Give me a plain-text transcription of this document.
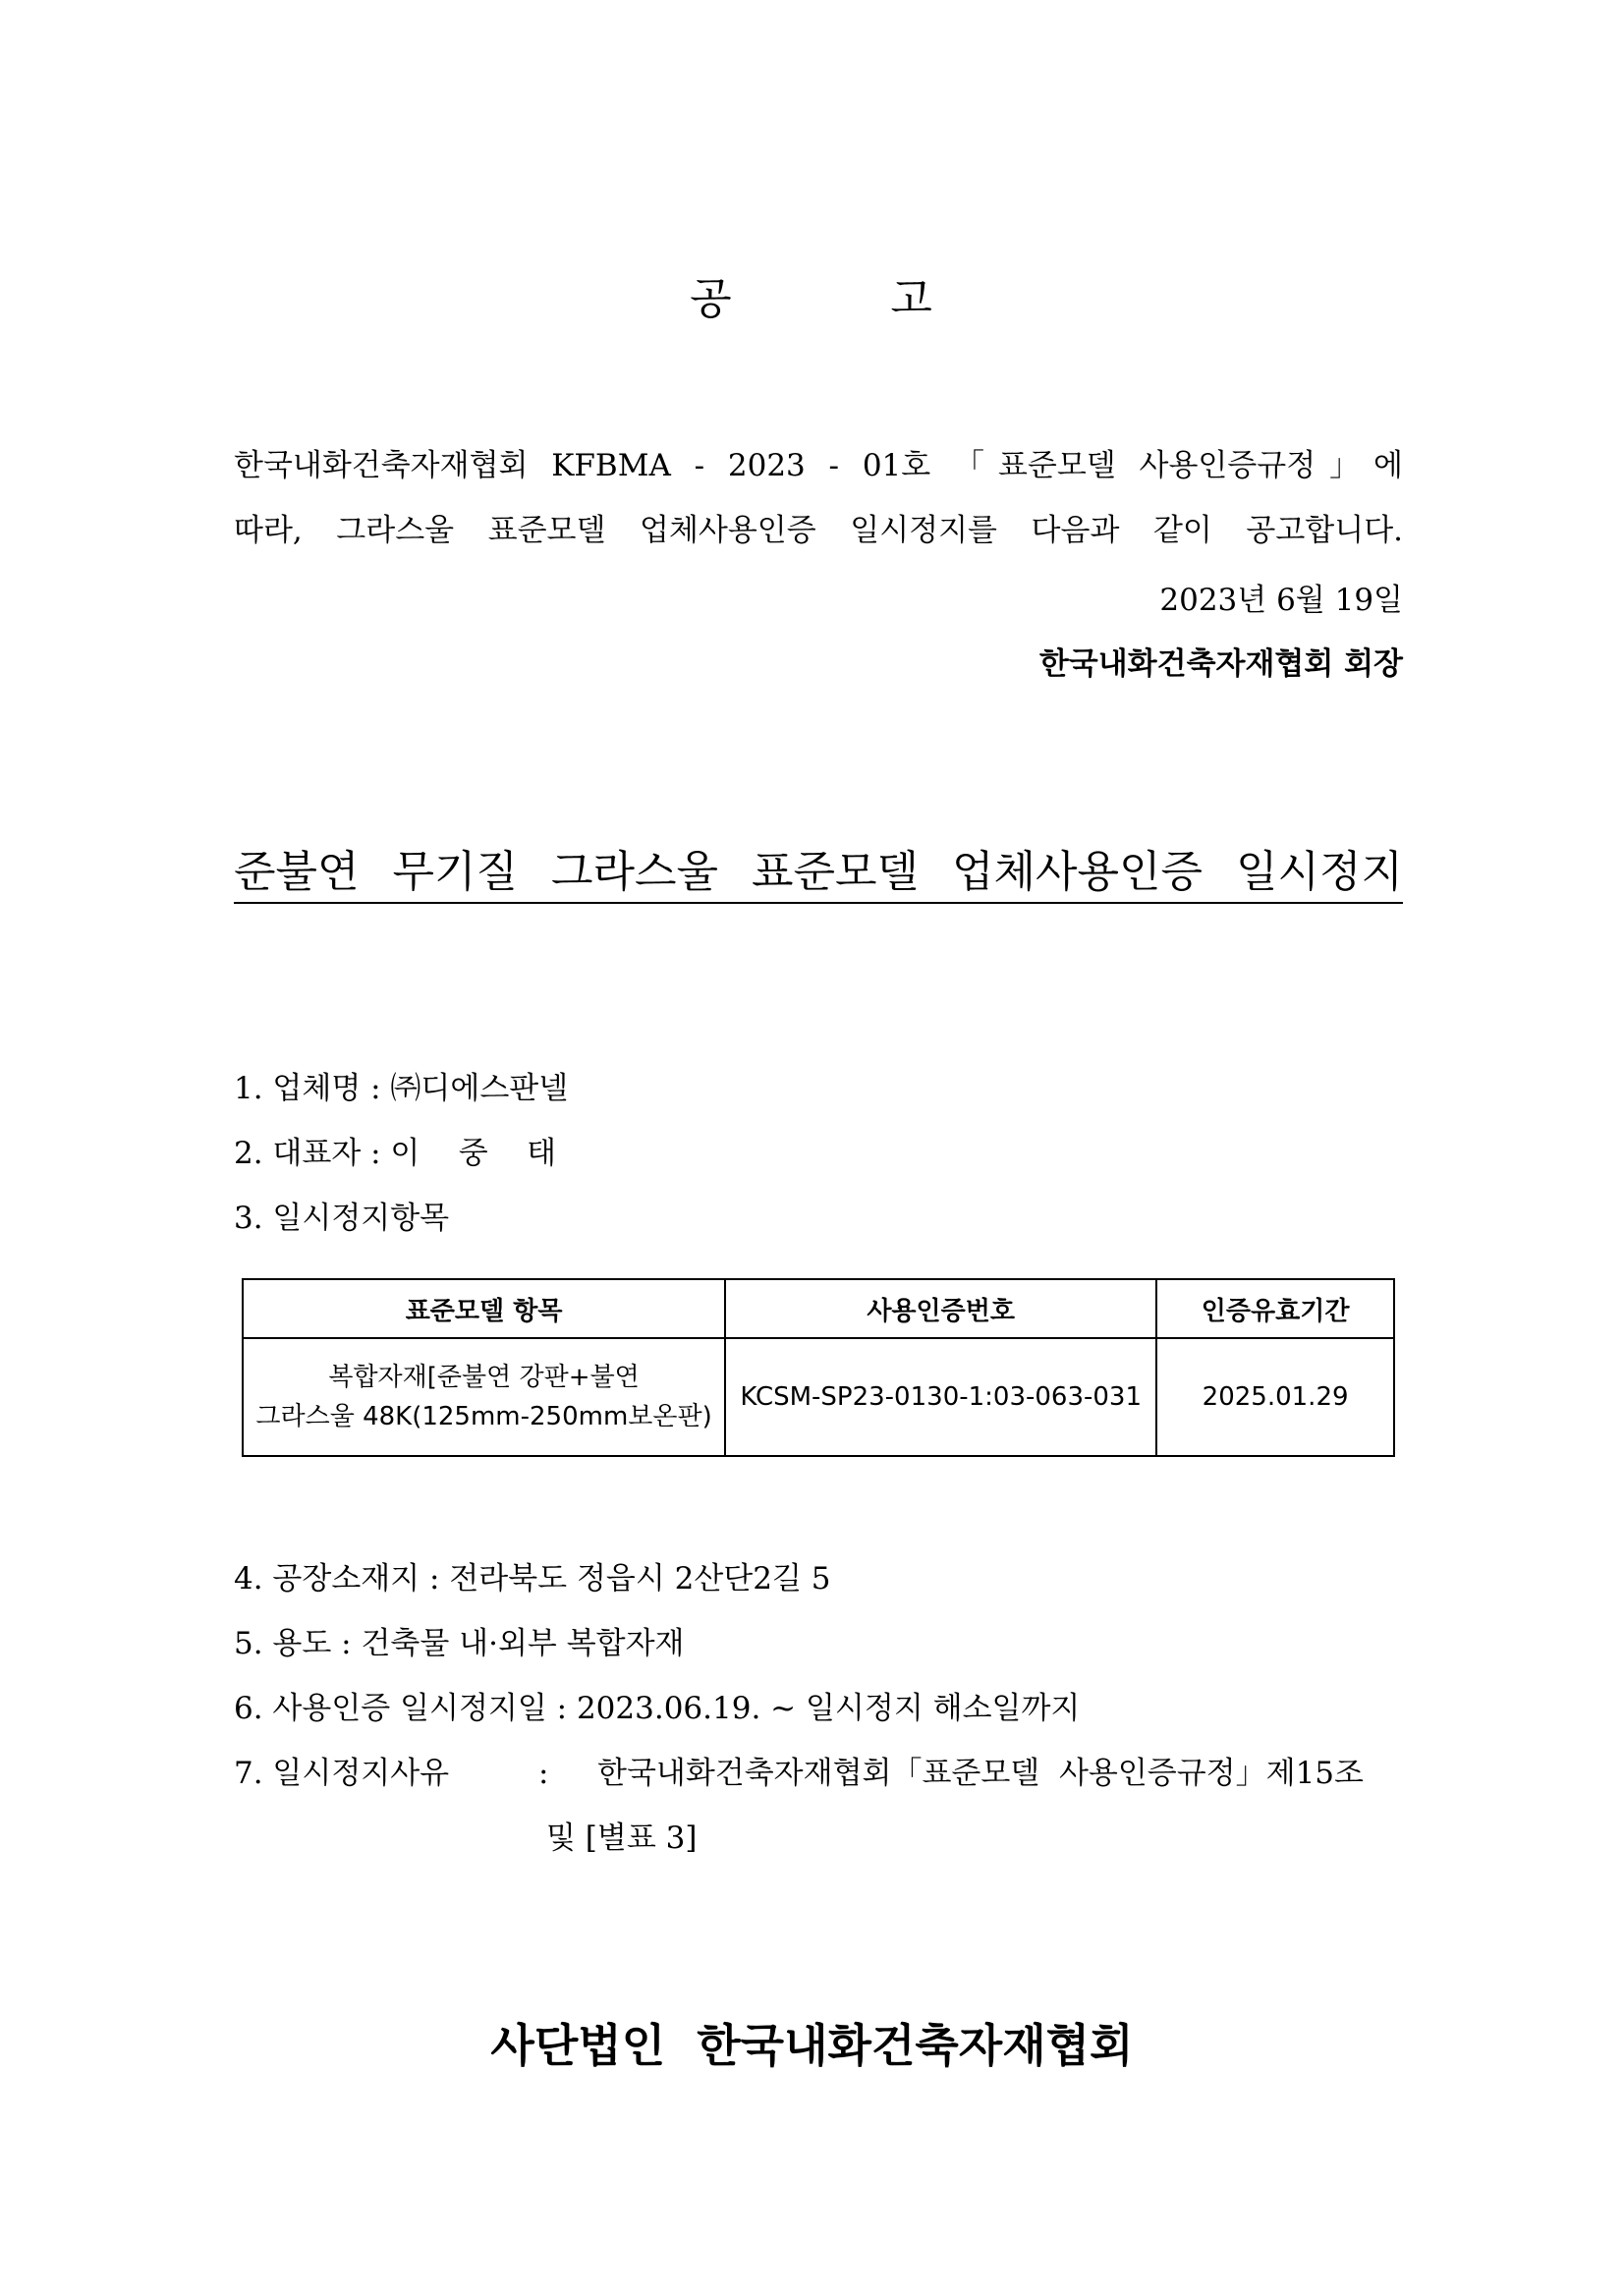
공          고
한국내화건축자재협회 KFBMA - 2023 - 01호 「표준모델 사용인증규정」에
따라, 그라스울 표준모델 업체사용인증 일시정지를 다음과 같이 공고합니다.
2023년 6월 19일
한국내화건축자재협회 회장
준불연 무기질 그라스울 표준모델 업체사용인증 일시정지
1. 업체명 : ㈜디에스판넬
2. 대표자 : 이    중    태
3. 일시정지항목
표준모델 항목	사용인증번호	인증유효기간

복합자재[준불연 강판+불연
그라스울 48K(125mm-250mm보온판)	KCSM-SP23-0130-1:03-063-031	2025.01.29
4. 공장소재지 : 전라북도 정읍시 2산단2길 5
5. 용도 : 건축물 내·외부 복합자재
6. 사용인증 일시정지일 : 2023.06.19. ~ 일시정지 해소일까지
7. 일시정지사유	: 한국내화건축자재협회「표준모델  사용인증규정」제15조
및 [별표 3]
사단법인  한국내화건축자재협회
